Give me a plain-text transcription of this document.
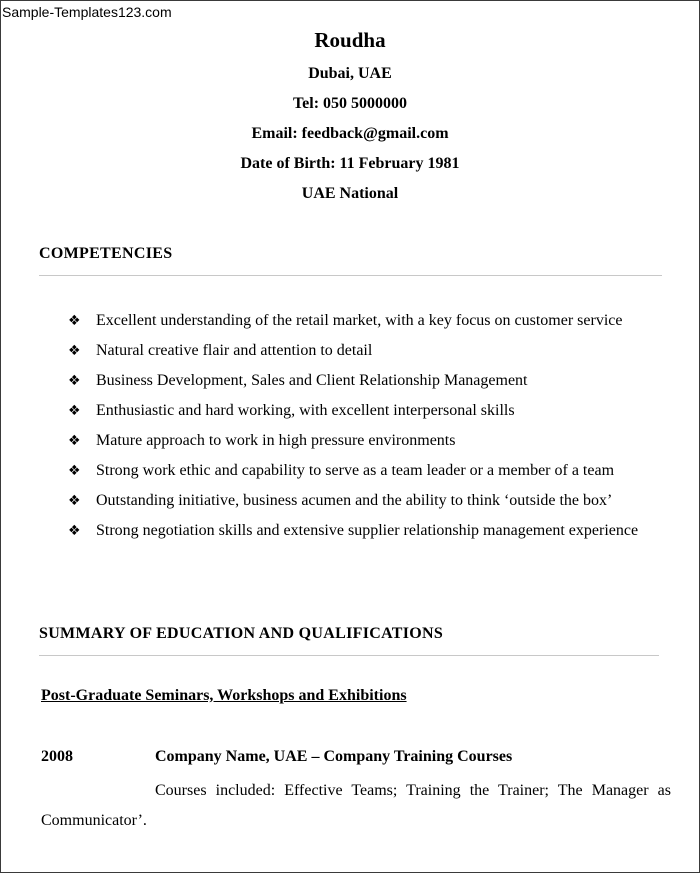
Sample-Templates123.com
Roudha
Dubai, UAE
Tel: 050 5000000
Email: feedback@gmail.com
Date of Birth: 11 February 1981
UAE National
COMPETENCIES
❖ Excellent understanding of the retail market, with a key focus on customer service
❖ Natural creative flair and attention to detail
❖ Business Development, Sales and Client Relationship Management
❖ Enthusiastic and hard working, with excellent interpersonal skills
❖ Mature approach to work in high pressure environments
❖ Strong work ethic and capability to serve as a team leader or a member of a team
❖ Outstanding initiative, business acumen and the ability to think ‘outside the box’
❖ Strong negotiation skills and extensive supplier relationship management experience
SUMMARY OF EDUCATION AND QUALIFICATIONS
Post-Graduate Seminars, Workshops and Exhibitions
2008	Company Name, UAE – Company Training Courses
Courses included: Effective Teams; Training the Trainer; The Manager as Communicator’.
